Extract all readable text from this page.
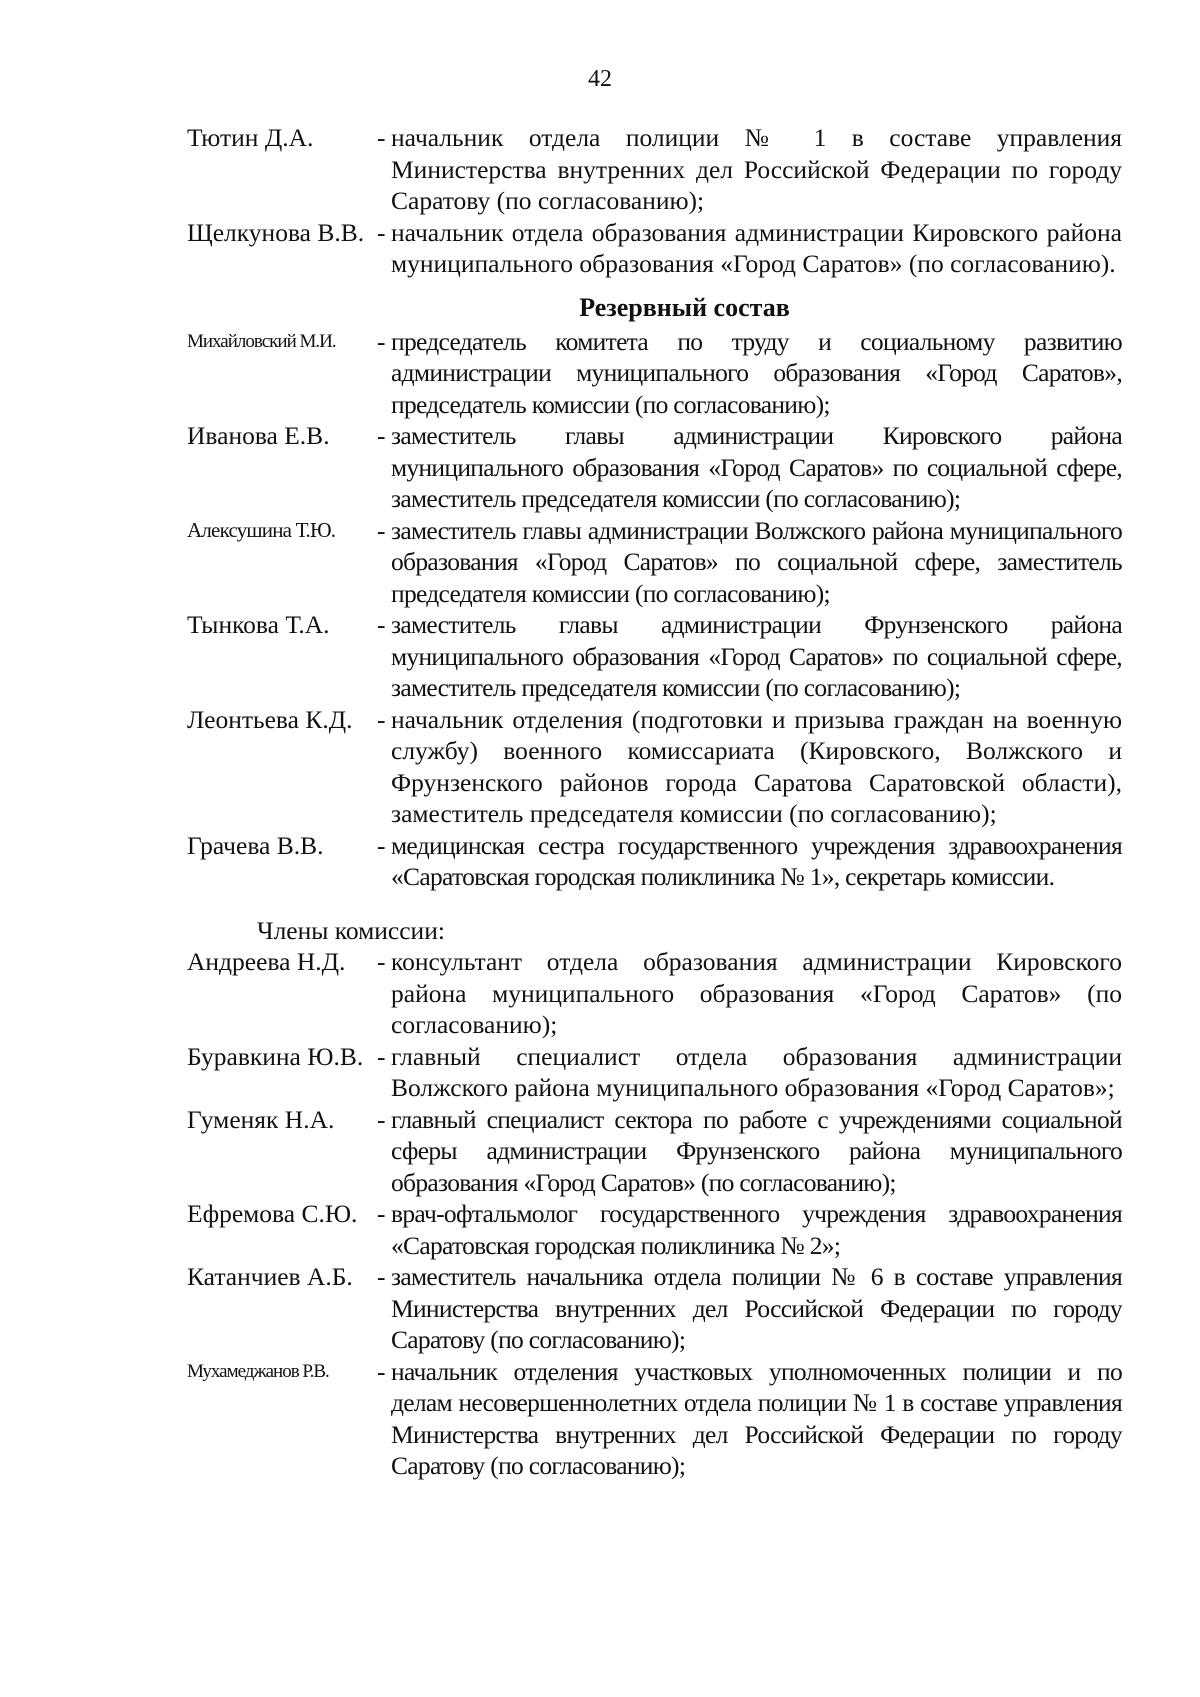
42
Тютин Д.А.	- начальник отдела полиции № 1 в составе управления Министерства внутренних дел Российской Федерации по городу Саратову (по согласованию);
Щелкунова В.В. - начальник отдела образования администрации Кировского района муниципального образования «Город Саратов» (по согласованию).
Резервный состав
Михайловский М.И.	- председатель комитета по труду и социальному развитию администрации муниципального образования «Город Саратов», председатель комиссии (по согласованию);
Иванова Е.В.	- заместитель главы администрации Кировского района муниципального образования «Город Саратов» по социальной сфере, заместитель председателя комиссии (по согласованию);
Алексушина Т.Ю.	- заместитель главы администрации Волжского района муниципального образования «Город Саратов» по социальной сфере, заместитель председателя комиссии (по согласованию);
Тынкова Т.А.	- заместитель главы администрации Фрунзенского района муниципального образования «Город Саратов» по социальной сфере, заместитель председателя комиссии (по согласованию);
Леонтьева К.Д. - начальник отделения (подготовки и призыва граждан на военную службу) военного комиссариата (Кировского, Волжского и Фрунзенского районов города Саратова Саратовской области), заместитель председателя комиссии (по согласованию);
Грачева В.В.	- медицинская сестра государственного учреждения здравоохранения «Саратовская городская поликлиника № 1», секретарь комиссии.
Члены комиссии:
Андреева Н.Д.	- консультант отдела образования администрации Кировского района муниципального образования «Город Саратов» (по согласованию);
Буравкина Ю.В. - главный специалист отдела образования администрации Волжского района муниципального образования «Город Саратов»;
Гуменяк Н.А.	- главный специалист сектора по работе с учреждениями социальной сферы администрации Фрунзенского района муниципального образования «Город Саратов» (по согласованию);
Ефремова С.Ю. - врач-офтальмолог государственного учреждения здравоохранения «Саратовская городская поликлиника № 2»;
Катанчиев А.Б. - заместитель начальника отдела полиции № 6 в составе управления Министерства внутренних дел Российской Федерации по городу Саратову (по согласованию);
Мухамеджанов Р.В.	- начальник отделения участковых уполномоченных полиции и по делам несовершеннолетних отдела полиции № 1 в составе управления Министерства внутренних дел Российской Федерации по городу Саратову (по согласованию);
